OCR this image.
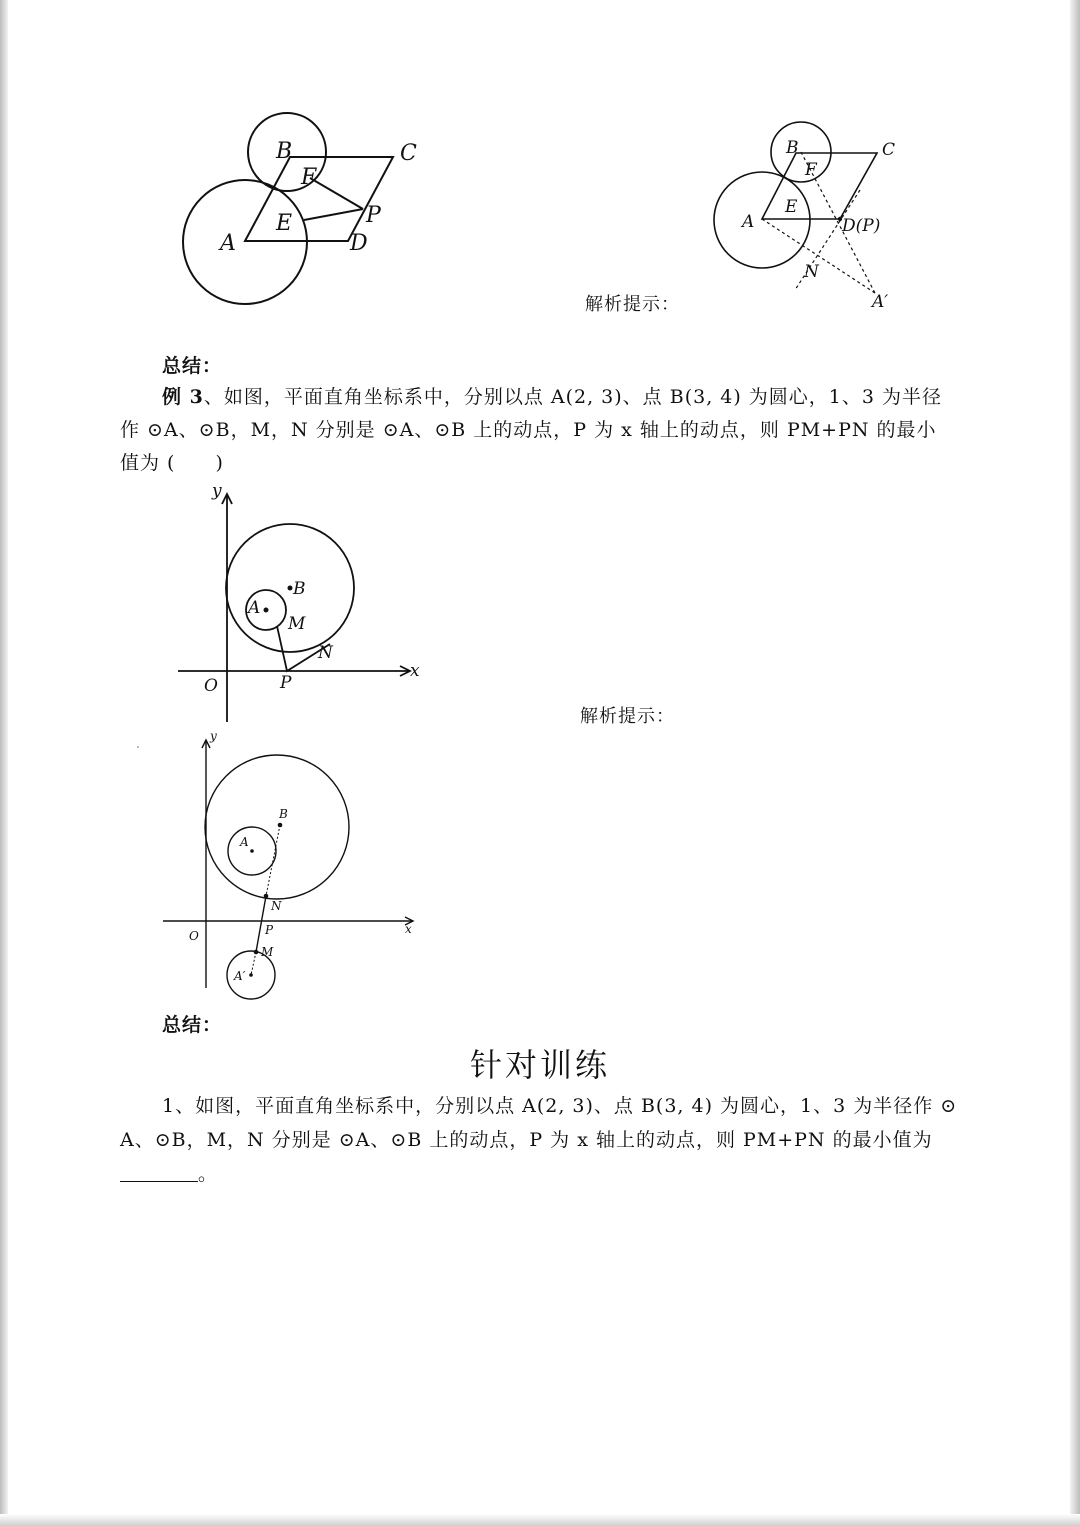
B	C
F
E	P
A	D
B	C
F
E
A	D(P)
N
A′
解析提示：
总结：
例 3、如图，平面直角坐标系中，分别以点 A(2, 3)、点 B(3, 4) 为圆心，1、3 为半径
作 ⊙A、⊙B，M，N 分别是 ⊙A、⊙B 上的动点，P 为 x 轴上的动点，则 PM+PN 的最小
值为 (　　)
y
B
A
M
N
x
O	P
解析提示：
y
B
A
N
O	P	x
M
A′
总结：
针对训练
1、如图，平面直角坐标系中，分别以点 A(2, 3)、点 B(3, 4) 为圆心，1、3 为半径作 ⊙
A、⊙B，M，N 分别是 ⊙A、⊙B 上的动点，P 为 x 轴上的动点，则 PM+PN 的最小值为
。
